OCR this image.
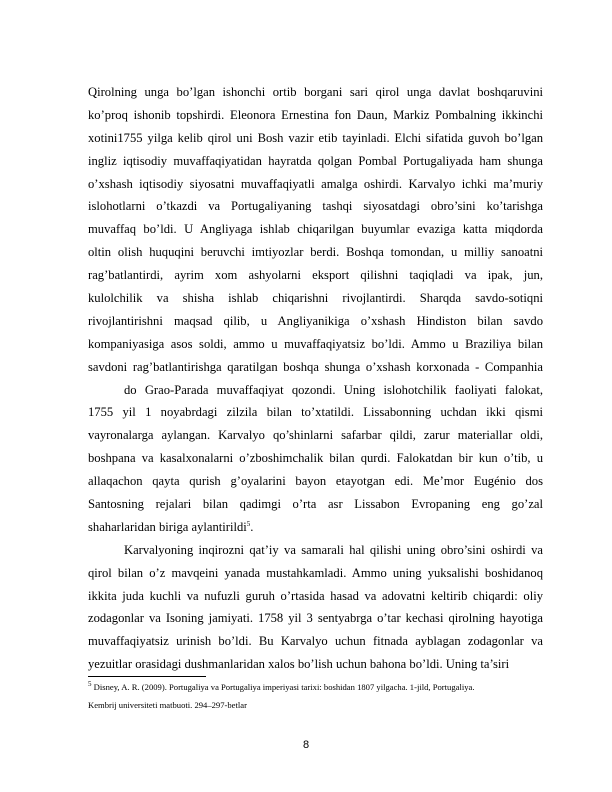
Qirolning unga bo’lgan ishonchi ortib borgani sari qirol unga davlat boshqaruvini
ko’proq ishonib topshirdi. Eleonora Ernestina fon Daun, Markiz Pombalning ikkinchi
xotini1755 yilga kelib qirol uni Bosh vazir etib tayinladi. Elchi sifatida guvoh bo’lgan
ingliz iqtisodiy muvaffaqiyatidan hayratda qolgan Pombal Portugaliyada ham shunga
o’xshash iqtisodiy siyosatni muvaffaqiyatli amalga oshirdi. Karvalyo ichki ma’muriy
islohotlarni o’tkazdi va Portugaliyaning tashqi siyosatdagi obro’sini ko’tarishga
muvaffaq bo’ldi. U Angliyaga ishlab chiqarilgan buyumlar evaziga katta miqdorda
oltin olish huquqini beruvchi imtiyozlar berdi. Boshqa tomondan, u milliy sanoatni
rag’batlantirdi, ayrim xom ashyolarni eksport qilishni taqiqladi va ipak, jun,
kulolchilik va shisha ishlab chiqarishni rivojlantirdi. Sharqda savdo-sotiqni
rivojlantirishni maqsad qilib, u Angliyanikiga o’xshash Hindiston bilan savdo
kompaniyasiga asos soldi, ammo u muvaffaqiyatsiz bo’ldi. Ammo u Braziliya bilan
savdoni rag’batlantirishga qaratilgan boshqa shunga o’xshash korxonada - Companhia
do Grao-Parada muvaffaqiyat qozondi. Uning islohotchilik faoliyati falokat,
1755 yil 1 noyabrdagi zilzila bilan to’xtatildi. Lissabonning uchdan ikki qismi
vayronalarga aylangan. Karvalyo qo’shinlarni safarbar qildi, zarur materiallar oldi,
boshpana va kasalxonalarni o’zboshimchalik bilan qurdi. Falokatdan bir kun o’tib, u
allaqachon qayta qurish g’oyalarini bayon etayotgan edi. Me’mor Eugénio dos
Santosning rejalari bilan qadimgi o’rta asr Lissabon Evropaning eng go’zal
shaharlaridan biriga aylantirildi$^5$.
Karvalyoning inqirozni qat’iy va samarali hal qilishi uning obro’sini oshirdi va
qirol bilan o’z mavqeini yanada mustahkamladi. Ammo uning yuksalishi boshidanoq
ikkita juda kuchli va nufuzli guruh o’rtasida hasad va adovatni keltirib chiqardi: oliy
zodagonlar va Isoning jamiyati. 1758 yil 3 sentyabrga o’tar kechasi qirolning hayotiga
muvaffaqiyatsiz urinish bo’ldi. Bu Karvalyo uchun fitnada ayblagan zodagonlar va
yezuitlar orasidagi dushmanlaridan xalos bo’lish uchun bahona bo’ldi. Uning ta’siri
$^5$ Disney, A. R. (2009). Portugaliya va Portugaliya imperiyasi tarixi: boshidan 1807 yilgacha. 1-jild, Portugaliya.
Kembrij universiteti matbuoti. 294–297-betlar
8
